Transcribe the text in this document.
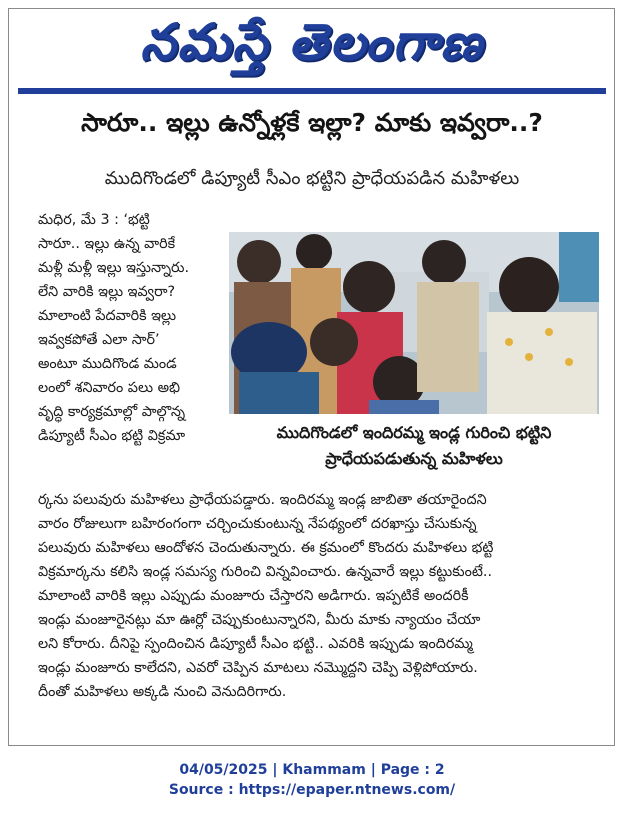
నమస్తే తెలంగాణ
సారూ.. ఇల్లు ఉన్నోళ్లకే ఇల్లా? మాకు ఇవ్వరా..?
ముదిగొండలో డిప్యూటీ సీఎం భట్టిని ప్రాధేయపడిన మహిళలు
మధిర, మే 3 : ‘భట్టి
సారూ.. ఇల్లు ఉన్న వారికే
మళ్లీ మళ్లీ ఇల్లు ఇస్తున్నారు.
లేని వారికి ఇల్లు ఇవ్వరా?
మాలాంటి పేదవారికి ఇల్లు
ఇవ్వకపోతే ఎలా సార్’
అంటూ ముదిగొండ మండ
లంలో శనివారం పలు అభి
వృద్ధి కార్యక్రమాల్లో పాల్గొన్న
డిప్యూటీ సీఎం భట్టి విక్రమా	ముదిగొండలో ఇందిరమ్మ ఇండ్ల గురించి భట్టిని
ప్రాధేయపడుతున్న మహిళలు
ర్కను పలువురు మహిళలు ప్రాధేయపడ్డారు. ఇందిరమ్మ ఇండ్ల జాబితా తయారైందని
వారం రోజులుగా బహిరంగంగా చర్చించుకుంటున్న నేపథ్యంలో దరఖాస్తు చేసుకున్న
పలువురు మహిళలు ఆందోళన చెందుతున్నారు. ఈ క్రమంలో కొందరు మహిళలు భట్టి
విక్రమార్కను కలిసి ఇండ్ల సమస్య గురించి విన్నవించారు. ఉన్నవారే ఇల్లు కట్టుకుంటే..
మాలాంటి వారికి ఇల్లు ఎప్పుడు మంజూరు చేస్తారని అడిగారు. ఇప్పటికే అందరికీ
ఇండ్లు మంజూరైనట్లు మా ఊర్లో చెప్పుకుంటున్నారని, మీరు మాకు న్యాయం చేయా
లని కోరారు. దీనిపై స్పందించిన డిప్యూటీ సీఎం భట్టి.. ఎవరికి ఇప్పుడు ఇందిరమ్మ
ఇండ్లు మంజూరు కాలేదని, ఎవరో చెప్పిన మాటలు నమ్మొద్దని చెప్పి వెళ్లిపోయారు.
దీంతో మహిళలు అక్కడి నుంచి వెనుదిరిగారు.
04/05/2025 | Khammam | Page : 2
Source : https://epaper.ntnews.com/
